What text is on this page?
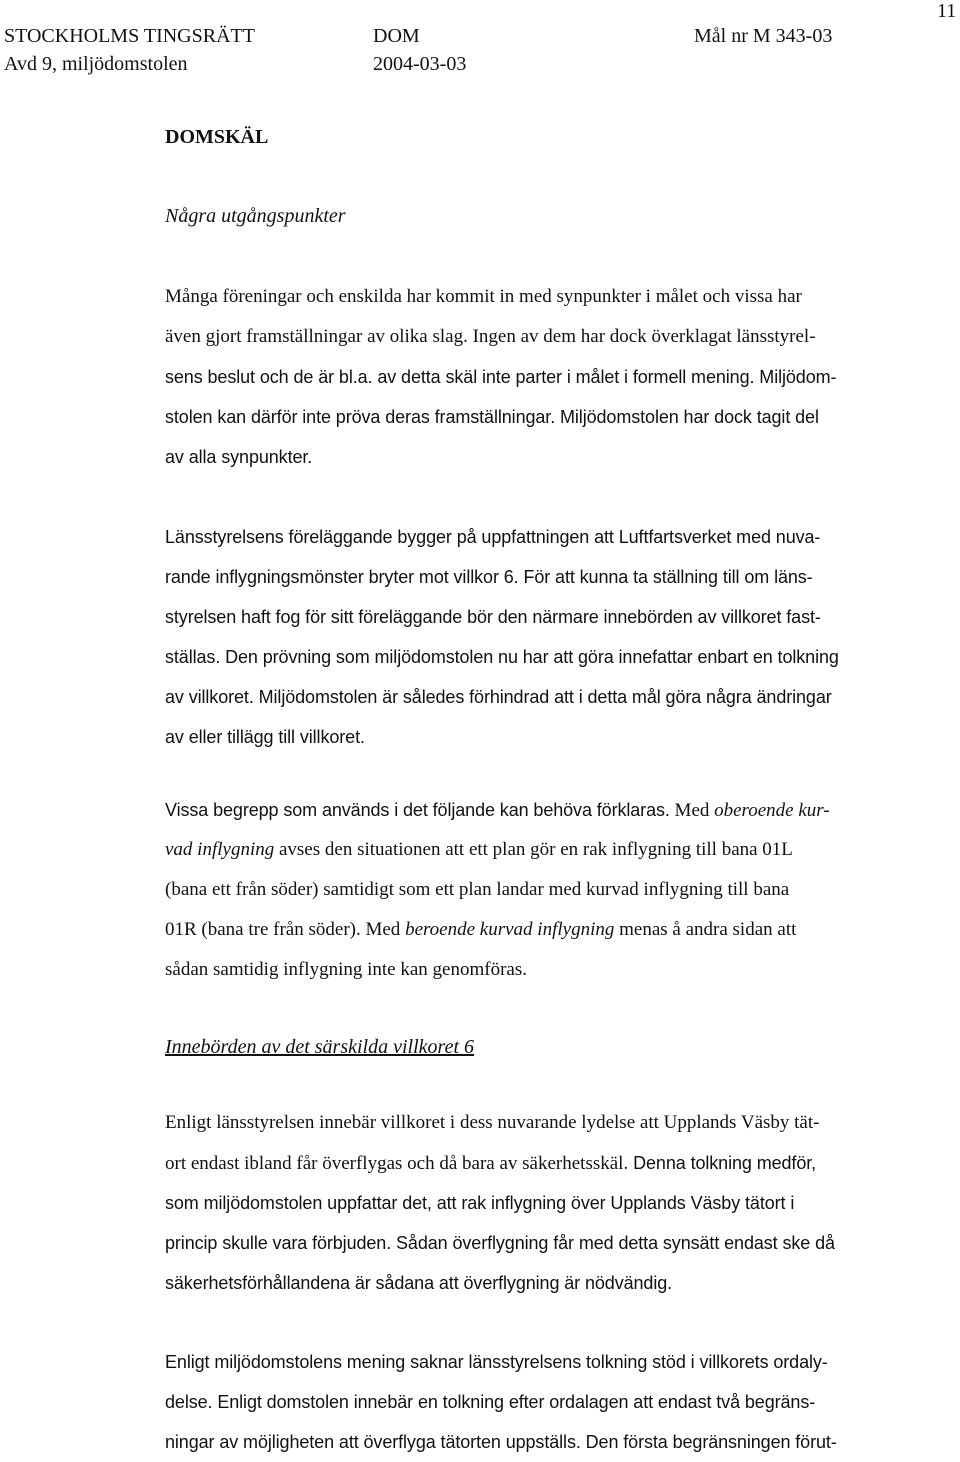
STOCKHOLMS TINGSRÄTT
Avd 9, miljödomstolen
DOM
2004-03-03
Mål nr M 343-03
11
DOMSKÄL
Några utgångspunkter
Många föreningar och enskilda har kommit in med synpunkter i målet och vissa har
även gjort framställningar av olika slag. Ingen av dem har dock överklagat länsstyrel-
sens beslut och de är bl.a. av detta skäl inte parter i målet i formell mening. Miljödom-
stolen kan därför inte pröva deras framställningar. Miljödomstolen har dock tagit del
av alla synpunkter.
Länsstyrelsens föreläggande bygger på uppfattningen att Luftfartsverket med nuva-
rande inflygningsmönster bryter mot villkor 6. För att kunna ta ställning till om läns-
styrelsen haft fog för sitt föreläggande bör den närmare innebörden av villkoret fast-
ställas. Den prövning som miljödomstolen nu har att göra innefattar enbart en tolkning
av villkoret. Miljödomstolen är således förhindrad att i detta mål göra några ändringar
av eller tillägg till villkoret.
Vissa begrepp som används i det följande kan behöva förklaras. Med oberoende kur-
vad inflygning avses den situationen att ett plan gör en rak inflygning till bana 01L
(bana ett från söder) samtidigt som ett plan landar med kurvad inflygning till bana
01R (bana tre från söder). Med beroende kurvad inflygning menas å andra sidan att
sådan samtidig inflygning inte kan genomföras.
Innebörden av det särskilda villkoret 6
Enligt länsstyrelsen innebär villkoret i dess nuvarande lydelse att Upplands Väsby tät-
ort endast ibland får överflygas och då bara av säkerhetsskäl. Denna tolkning medför,
som miljödomstolen uppfattar det, att rak inflygning över Upplands Väsby tätort i
princip skulle vara förbjuden. Sådan överflygning får med detta synsätt endast ske då
säkerhetsförhållandena är sådana att överflygning är nödvändig.
Enligt miljödomstolens mening saknar länsstyrelsens tolkning stöd i villkorets ordaly-
delse. Enligt domstolen innebär en tolkning efter ordalagen att endast två begräns-
ningar av möjligheten att överflyga tätorten uppställs. Den första begränsningen förut-
